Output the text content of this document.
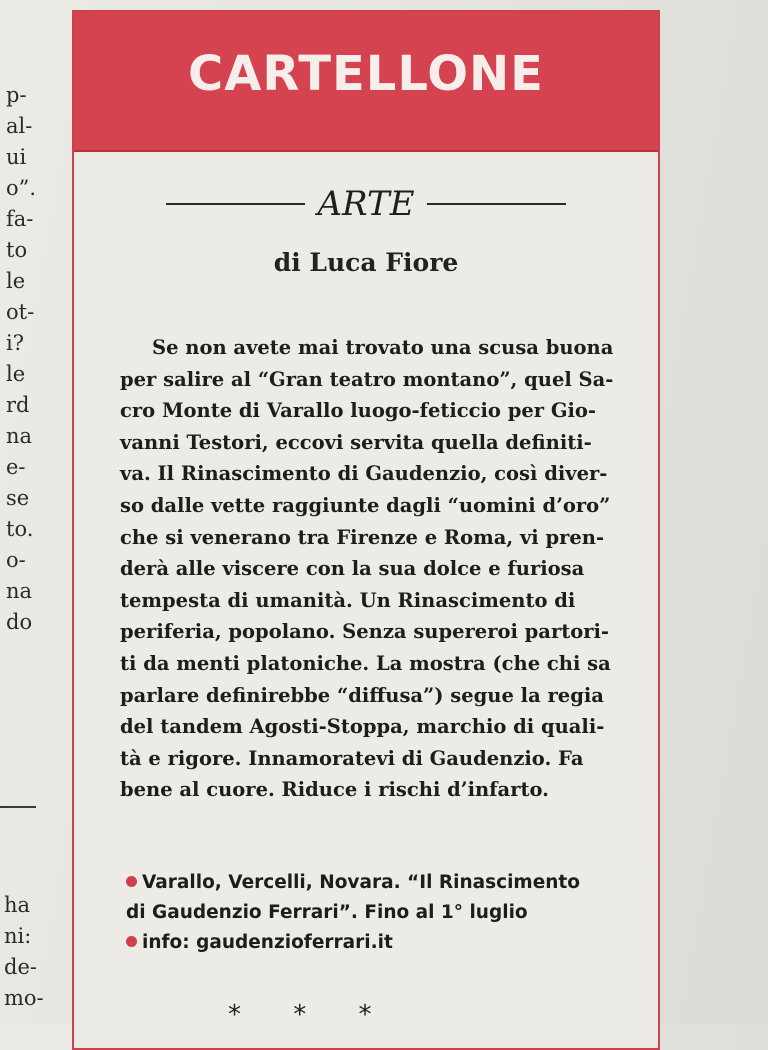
p-
al-
ui
o”.
fa-
to
le
ot-
i?
le
rd
na
e-
se
to.
o-
na
do
ha
ni:
de-
mo-
CARTELLONE
ARTE
di Luca Fiore
Se non avete mai trovato una scusa buona
per salire al “Gran teatro montano”, quel Sa-
cro Monte di Varallo luogo-feticcio per Gio-
vanni Testori, eccovi servita quella definiti-
va. Il Rinascimento di Gaudenzio, così diver-
so dalle vette raggiunte dagli “uomini d’oro”
che si venerano tra Firenze e Roma, vi pren-
derà alle viscere con la sua dolce e furiosa
tempesta di umanità. Un Rinascimento di
periferia, popolano. Senza supereroi partori-
ti da menti platoniche. La mostra (che chi sa
parlare definirebbe “diffusa”) segue la regia
del tandem Agosti-Stoppa, marchio di quali-
tà e rigore. Innamoratevi di Gaudenzio. Fa
bene al cuore. Riduce i rischi d’infarto.
Varallo, Vercelli, Novara. “Il Rinascimento
di Gaudenzio Ferrari”. Fino al 1° luglio
info: gaudenzioferrari.it
* * *
